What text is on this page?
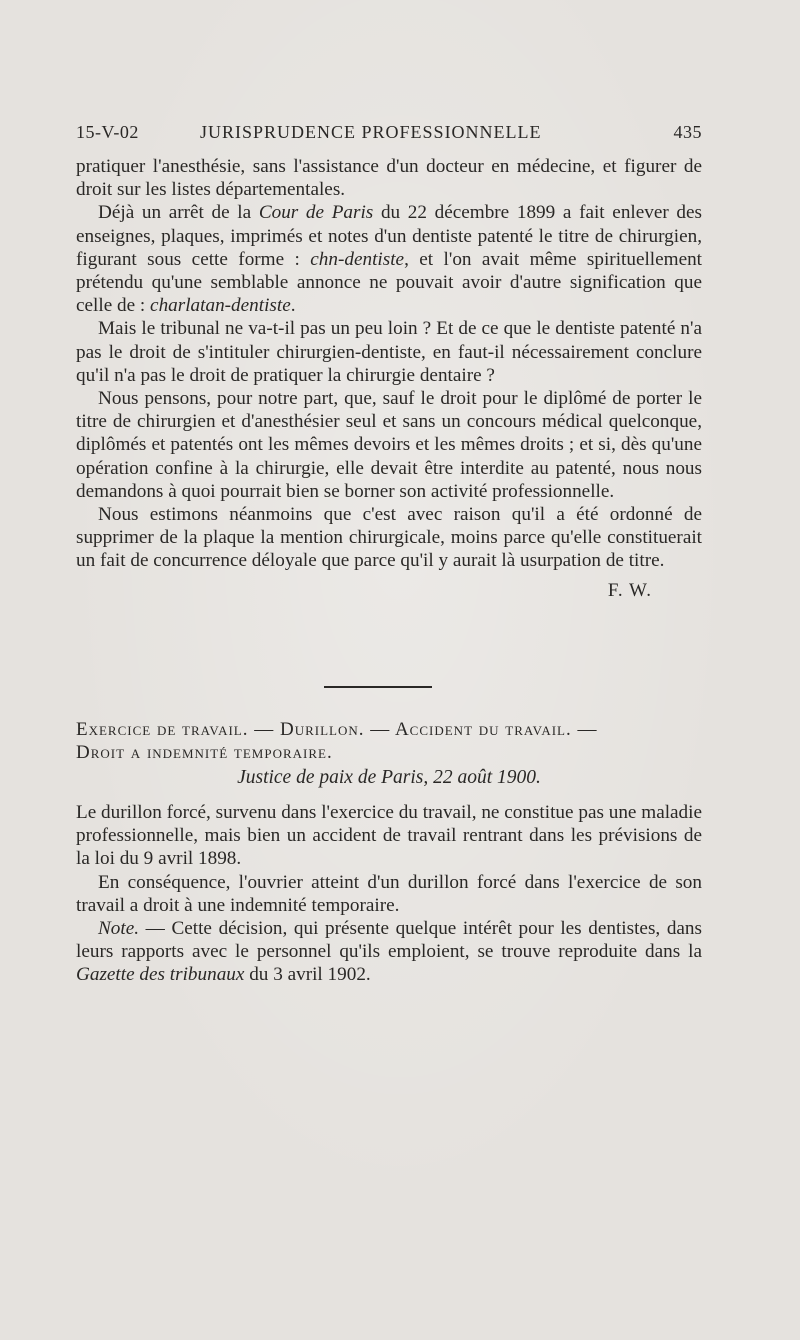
15-V-02	JURISPRUDENCE PROFESSIONNELLE	435

pratiquer l'anesthésie, sans l'assistance d'un docteur en médecine, et figurer de droit sur les listes départementales.

Déjà un arrêt de la Cour de Paris du 22 décembre 1899 a fait enlever des enseignes, plaques, imprimés et notes d'un dentiste patenté le titre de chirurgien, figurant sous cette forme : chn-dentiste, et l'on avait même spirituellement prétendu qu'une semblable annonce ne pouvait avoir d'autre signification que celle de : charlatan-dentiste.

Mais le tribunal ne va-t-il pas un peu loin ? Et de ce que le dentiste patenté n'a pas le droit de s'intituler chirurgien-dentiste, en faut-il nécessairement conclure qu'il n'a pas le droit de pratiquer la chirurgie dentaire ?

Nous pensons, pour notre part, que, sauf le droit pour le diplômé de porter le titre de chirurgien et d'anesthésier seul et sans un concours médical quelconque, diplômés et patentés ont les mêmes devoirs et les mêmes droits ; et si, dès qu'une opération confine à la chirurgie, elle devait être interdite au patenté, nous nous demandons à quoi pourrait bien se borner son activité professionnelle.

Nous estimons néanmoins que c'est avec raison qu'il a été ordonné de supprimer de la plaque la mention chirurgicale, moins parce qu'elle constituerait un fait de concurrence déloyale que parce qu'il y aurait là usurpation de titre.

F. W.
Exercice de travail. — Durillon. — Accident du travail. —
Droit a indemnité temporaire.
Justice de paix de Paris, 22 août 1900.

Le durillon forcé, survenu dans l'exercice du travail, ne constitue pas une maladie professionnelle, mais bien un accident de travail rentrant dans les prévisions de la loi du 9 avril 1898.

En conséquence, l'ouvrier atteint d'un durillon forcé dans l'exercice de son travail a droit à une indemnité temporaire.

Note. — Cette décision, qui présente quelque intérêt pour les dentistes, dans leurs rapports avec le personnel qu'ils emploient, se trouve reproduite dans la Gazette des tribunaux du 3 avril 1902.
